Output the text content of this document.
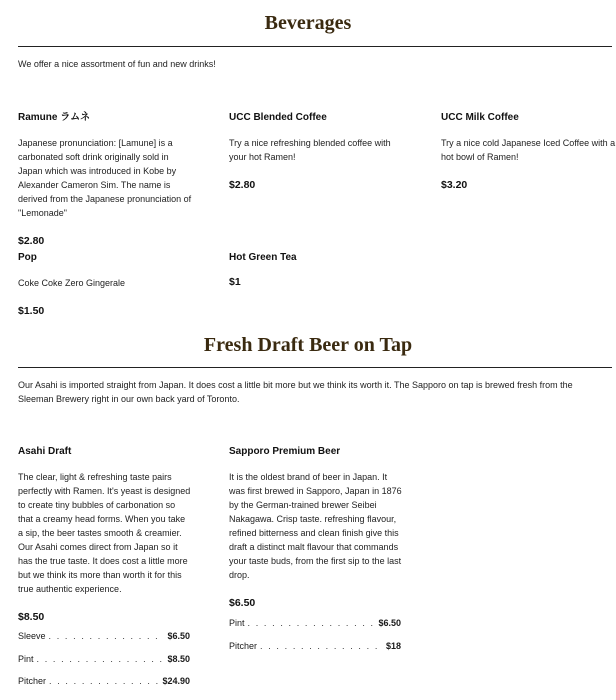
Beverages

We offer a nice assortment of fun and new drinks!

Ramune ラムネ

Japanese pronunciation: [Lamune] is a carbonated soft drink originally sold in Japan which was introduced in Kobe by Alexander Cameron Sim. The name is derived from the Japanese pronunciation of "Lemonade"

$2.80

UCC Blended Coffee

Try a nice refreshing blended coffee with your hot Ramen!

$2.80

UCC Milk Coffee

Try a nice cold Japanese Iced Coffee with a hot bowl of Ramen!

$3.20

Pop

Coke Coke Zero Gingerale

$1.50

Hot Green Tea

$1
Fresh Draft Beer on Tap

Our Asahi is imported straight from Japan. It does cost a little bit more but we think its worth it. The Sapporo on tap is brewed fresh from the Sleeman Brewery right in our own back yard of Toronto.

Asahi Draft

The clear, light & refreshing taste pairs perfectly with Ramen. It's yeast is designed to create tiny bubbles of carbonation so that a creamy head forms. When you take a sip, the beer tastes smooth & creamier. Our Asahi comes direct from Japan so it has the true taste. It does cost a little more but we think its more than worth it for this true authentic experience.

$8.50
Sleeve . . .	$6.50
Pint . . .	$8.50
Pitcher . . .	$24.90

Sapporo Premium Beer

It is the oldest brand of beer in Japan. It was first brewed in Sapporo, Japan in 1876 by the German-trained brewer Seibei Nakagawa. Crisp taste. refreshing flavour, refined bitterness and clean finish give this draft a distinct malt flavour that commands your taste buds, from the first sip to the last drop.

$6.50
Pint . . .	$6.50
Pitcher . . .	$18
